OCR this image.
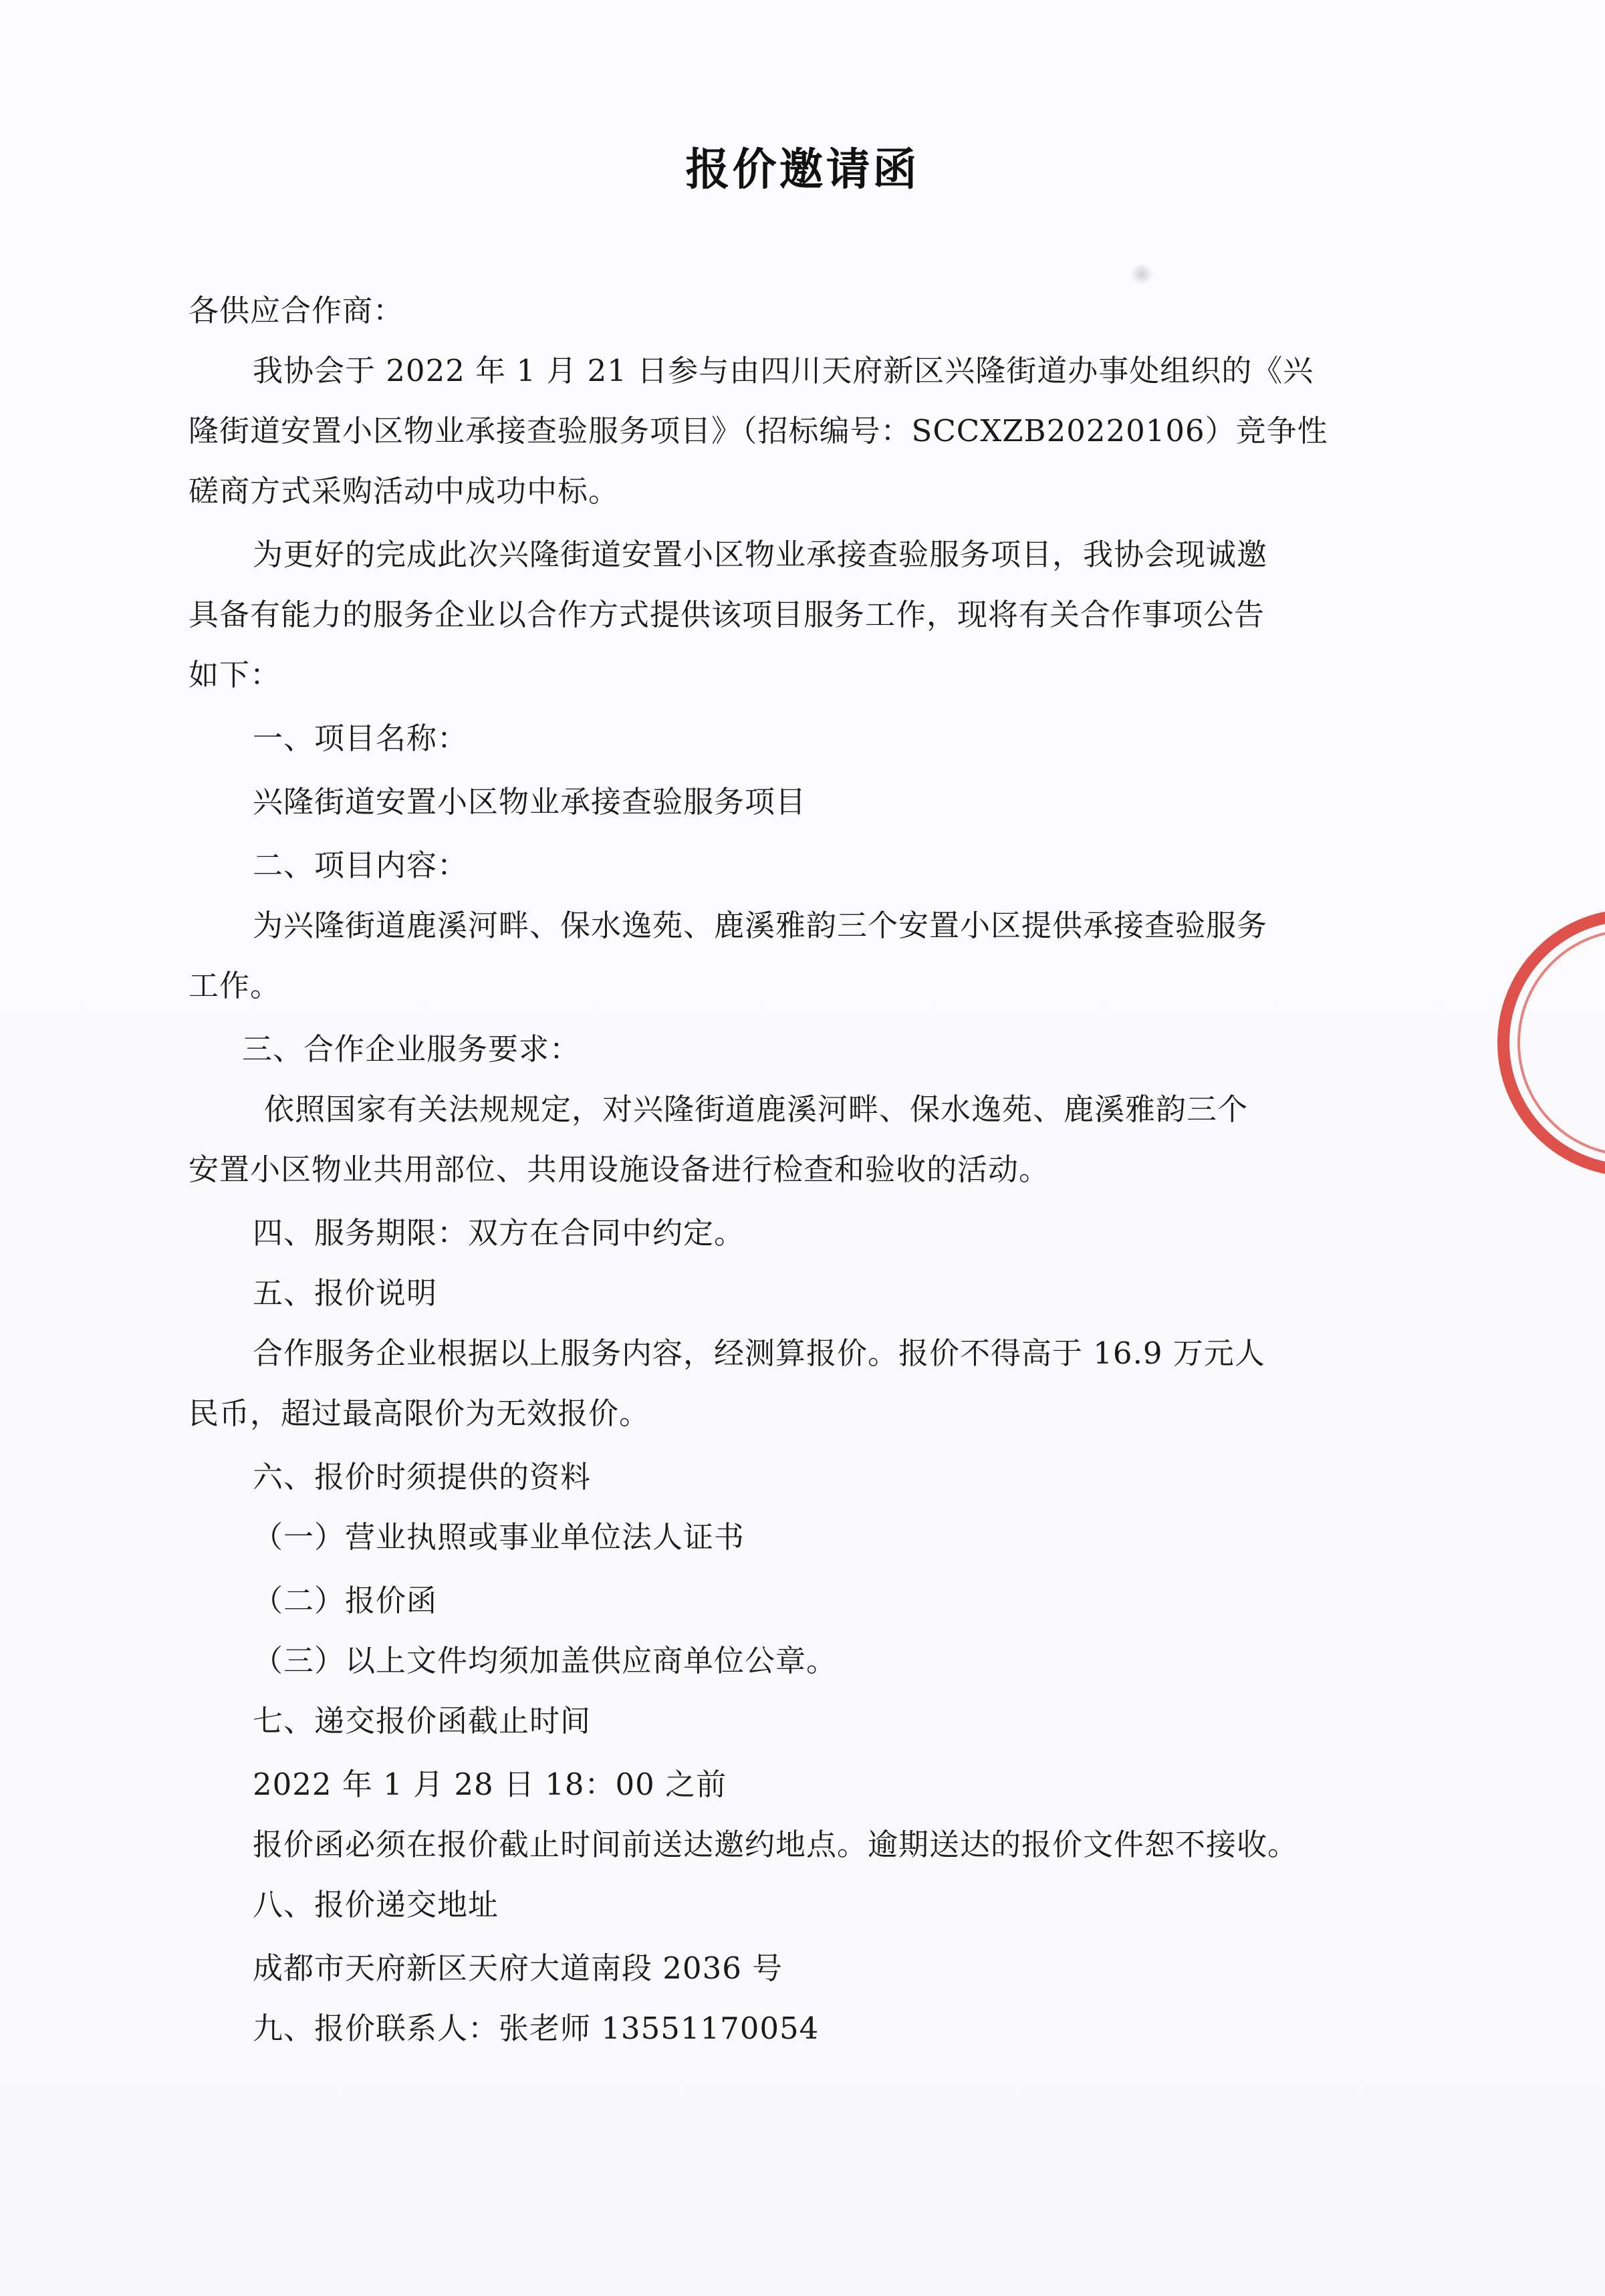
报价邀请函
各供应合作商：
我协会于 2022 年 1 月 21 日参与由四川天府新区兴隆街道办事处组织的《兴
隆街道安置小区物业承接查验服务项目》（招标编号：SCCXZB20220106）竞争性
磋商方式采购活动中成功中标。
为更好的完成此次兴隆街道安置小区物业承接查验服务项目，我协会现诚邀
具备有能力的服务企业以合作方式提供该项目服务工作，现将有关合作事项公告
如下：
一、项目名称：
兴隆街道安置小区物业承接查验服务项目
二、项目内容：
为兴隆街道鹿溪河畔、保水逸苑、鹿溪雅韵三个安置小区提供承接查验服务
工作。
三、合作企业服务要求：
依照国家有关法规规定，对兴隆街道鹿溪河畔、保水逸苑、鹿溪雅韵三个
安置小区物业共用部位、共用设施设备进行检查和验收的活动。
四、服务期限：双方在合同中约定。
五、报价说明
合作服务企业根据以上服务内容，经测算报价。报价不得高于 16.9 万元人
民币，超过最高限价为无效报价。
六、报价时须提供的资料
（一）营业执照或事业单位法人证书
（二）报价函
（三）以上文件均须加盖供应商单位公章。
七、递交报价函截止时间
2022 年 1 月 28 日 18：00 之前
报价函必须在报价截止时间前送达邀约地点。逾期送达的报价文件恕不接收。
八、报价递交地址
成都市天府新区天府大道南段 2036 号
九、报价联系人：张老师 13551170054
